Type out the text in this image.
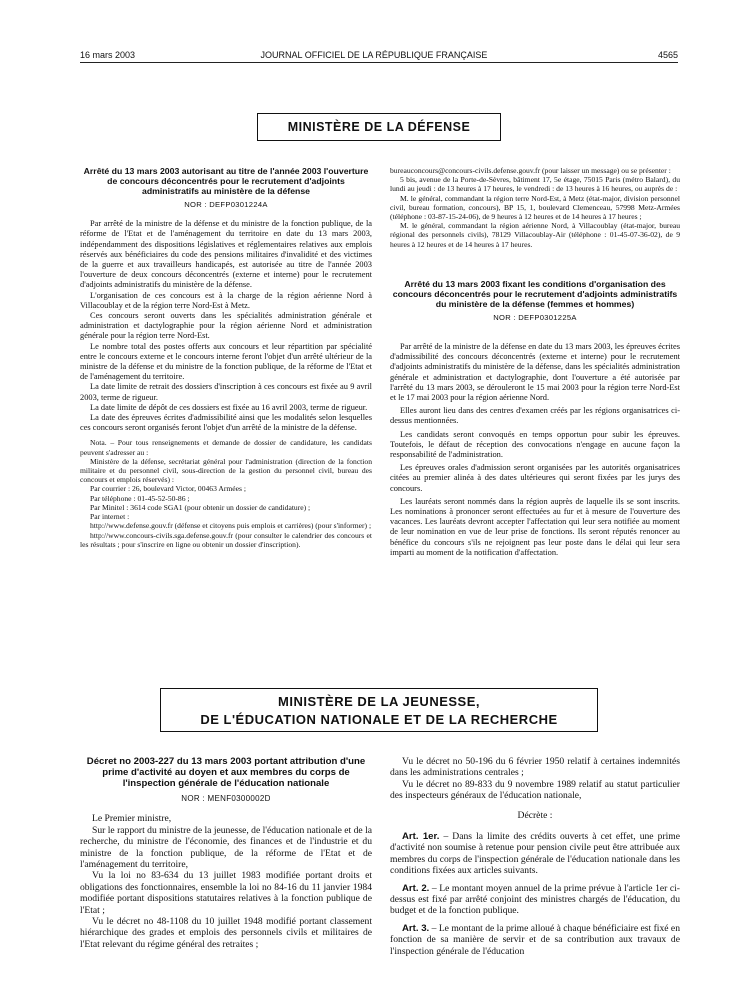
16 mars 2003	JOURNAL OFFICIEL DE LA RÉPUBLIQUE FRANÇAISE	4565
MINISTÈRE DE LA DÉFENSE
Arrêté du 13 mars 2003 autorisant au titre de l'année 2003 l'ouverture de concours déconcentrés pour le recrutement d'adjoints administratifs au ministère de la défense
NOR : DEFP0301224A

Par arrêté de la ministre de la défense et du ministre de la fonction publique, de la réforme de l'Etat et de l'aménagement du territoire en date du 13 mars 2003, indépendamment des dispositions législatives et réglementaires relatives aux emplois réservés aux bénéficiaires du code des pensions militaires d'invalidité et des victimes de la guerre et aux travailleurs handicapés, est autorisée au titre de l'année 2003 l'ouverture de deux concours déconcentrés (externe et interne) pour le recrutement d'adjoints administratifs du ministère de la défense.

L'organisation de ces concours est à la charge de la région aérienne Nord à Villacoublay et de la région terre Nord-Est à Metz.

Ces concours seront ouverts dans les spécialités administration générale et administration et dactylographie pour la région aérienne Nord et administration générale pour la région terre Nord-Est.

Le nombre total des postes offerts aux concours et leur répartition par spécialité entre le concours externe et le concours interne feront l'objet d'un arrêté ultérieur de la ministre de la défense et du ministre de la fonction publique, de la réforme de l'Etat et de l'aménagement du territoire.

La date limite de retrait des dossiers d'inscription à ces concours est fixée au 9 avril 2003, terme de rigueur.

La date limite de dépôt de ces dossiers est fixée au 16 avril 2003, terme de rigueur.

La date des épreuves écrites d'admissibilité ainsi que les modalités selon lesquelles ces concours seront organisés feront l'objet d'un arrêté de la ministre de la défense.

Nota. – Pour tous renseignements et demande de dossier de candidature, les candidats peuvent s'adresser au :

Ministère de la défense, secrétariat général pour l'administration (direction de la fonction militaire et du personnel civil, sous-direction de la gestion du personnel civil, bureau des concours et emplois réservés) :

Par courrier : 26, boulevard Victor, 00463 Armées ;

Par téléphone : 01-45-52-50-86 ;

Par Minitel : 3614 code SGA1 (pour obtenir un dossier de candidature) ;

Par internet :

http://www.defense.gouv.fr (défense et citoyens puis emplois et carrières) (pour s'informer) ;

http://www.concours-civils.sga.defense.gouv.fr (pour consulter le calendrier des concours et les résultats ; pour s'inscrire en ligne ou obtenir un dossier d'inscription).

bureauconcours@concours-civils.defense.gouv.fr (pour laisser un message) ou se présenter :

5 bis, avenue de la Porte-de-Sèvres, bâtiment 17, 5e étage, 75015 Paris (métro Balard), du lundi au jeudi : de 13 heures à 17 heures, le vendredi : de 13 heures à 16 heures, ou auprès de :

M. le général, commandant la région terre Nord-Est, à Metz (état-major, division personnel civil, bureau formation, concours), BP 15, 1, boulevard Clemenceau, 57998 Metz-Armées (téléphone : 03-87-15-24-06), de 9 heures à 12 heures et de 14 heures à 17 heures ;

M. le général, commandant la région aérienne Nord, à Villacoublay (état-major, bureau régional des personnels civils), 78129 Villacoublay-Air (téléphone : 01-45-07-36-02), de 9 heures à 12 heures et de 14 heures à 17 heures.

Arrêté du 13 mars 2003 fixant les conditions d'organisation des concours déconcentrés pour le recrutement d'adjoints administratifs du ministère de la défense (femmes et hommes)
NOR : DEFP0301225A

Par arrêté de la ministre de la défense en date du 13 mars 2003, les épreuves écrites d'admissibilité des concours déconcentrés (externe et interne) pour le recrutement d'adjoints administratifs du ministère de la défense, dans les spécialités administration générale et administration et dactylographie, dont l'ouverture a été autorisée par l'arrêté du 13 mars 2003, se dérouleront le 15 mai 2003 pour la région terre Nord-Est et le 17 mai 2003 pour la région aérienne Nord.

Elles auront lieu dans des centres d'examen créés par les régions organisatrices ci-dessus mentionnées.

Les candidats seront convoqués en temps opportun pour subir les épreuves. Toutefois, le défaut de réception des convocations n'engage en aucune façon la responsabilité de l'administration.

Les épreuves orales d'admission seront organisées par les autorités organisatrices citées au premier alinéa à des dates ultérieures qui seront fixées par les jurys des concours.

Les lauréats seront nommés dans la région auprès de laquelle ils se sont inscrits. Les nominations à prononcer seront effectuées au fur et à mesure de l'ouverture des vacances. Les lauréats devront accepter l'affectation qui leur sera notifiée au moment de leur nomination en vue de leur prise de fonctions. Ils seront réputés renoncer au bénéfice du concours s'ils ne rejoignent pas leur poste dans le délai qui leur sera imparti au moment de la notification d'affectation.

MINISTÈRE DE LA JEUNESSE,
DE L'ÉDUCATION NATIONALE ET DE LA RECHERCHE
Décret no 2003-227 du 13 mars 2003 portant attribution d'une prime d'activité au doyen et aux membres du corps de l'inspection générale de l'éducation nationale
NOR : MENF0300002D

Le Premier ministre,

Sur le rapport du ministre de la jeunesse, de l'éducation nationale et de la recherche, du ministre de l'économie, des finances et de l'industrie et du ministre de la fonction publique, de la réforme de l'Etat et de l'aménagement du territoire,

Vu la loi no 83-634 du 13 juillet 1983 modifiée portant droits et obligations des fonctionnaires, ensemble la loi no 84-16 du 11 janvier 1984 modifiée portant dispositions statutaires relatives à la fonction publique de l'Etat ;

Vu le décret no 48-1108 du 10 juillet 1948 modifié portant classement hiérarchique des grades et emplois des personnels civils et militaires de l'Etat relevant du régime général des retraites ;

Vu le décret no 50-196 du 6 février 1950 relatif à certaines indemnités dans les administrations centrales ;

Vu le décret no 89-833 du 9 novembre 1989 relatif au statut particulier des inspecteurs généraux de l'éducation nationale,

Décrète :

Art. 1er. – Dans la limite des crédits ouverts à cet effet, une prime d'activité non soumise à retenue pour pension civile peut être attribuée aux membres du corps de l'inspection générale de l'éducation nationale dans les conditions fixées aux articles suivants.

Art. 2. – Le montant moyen annuel de la prime prévue à l'article 1er ci-dessus est fixé par arrêté conjoint des ministres chargés de l'éducation, du budget et de la fonction publique.

Art. 3. – Le montant de la prime alloué à chaque bénéficiaire est fixé en fonction de sa manière de servir et de sa contribution aux travaux de l'inspection générale de l'éducation
